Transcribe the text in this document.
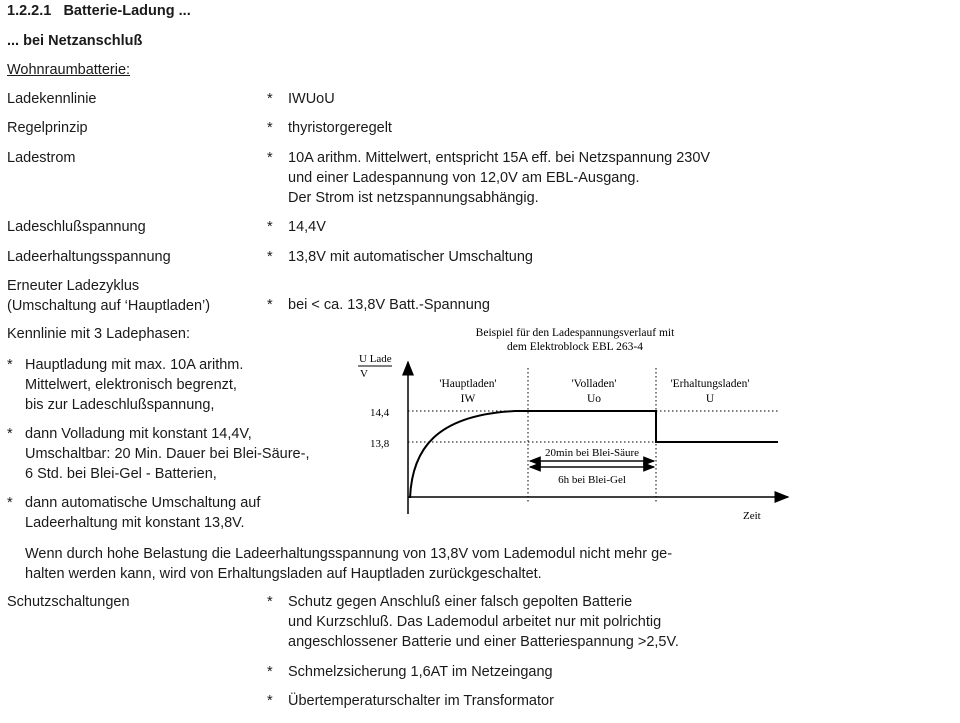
1.2.2.1 Batterie-Ladung ...
... bei Netzanschluß
Wohnraumbatterie:
Ladekennlinie	* IWUoU
Regelprinzip	* thyristorgeregelt
Ladestrom	* 10A arithm. Mittelwert, entspricht 15A eff. bei Netzspannung 230V
und einer Ladespannung von 12,0V am EBL-Ausgang.
Der Strom ist netzspannungsabhängig.
Ladeschlußspannung	* 14,4V
Ladeerhaltungsspannung	* 13,8V mit automatischer Umschaltung
Erneuter Ladezyklus
(Umschaltung auf ‘Hauptladen’)	* bei < ca. 13,8V Batt.-Spannung
Kennlinie mit 3 Ladephasen:
* Hauptladung mit max. 10A arithm.
Mittelwert, elektronisch begrenzt,
bis zur Ladeschlußspannung,
* dann Volladung mit konstant 14,4V,
Umschaltbar: 20 Min. Dauer bei Blei-Säure-,
6 Std. bei Blei-Gel - Batterien,
* dann automatische Umschaltung auf
Ladeerhaltung mit konstant 13,8V.
Wenn durch hohe Belastung die Ladeerhaltungsspannung von 13,8V vom Lademodul nicht mehr ge-
halten werden kann, wird von Erhaltungsladen auf Hauptladen zurückgeschaltet.
Schutzschaltungen	* Schutz gegen Anschluß einer falsch gepolten Batterie
und Kurzschluß. Das Lademodul arbeitet nur mit polrichtig
angeschlossener Batterie und einer Batteriespannung >2,5V.
* Schmelzsicherung 1,6AT im Netzeingang
* Übertemperaturschalter im Transformator
Beispiel für den Ladespannungsverlauf mit
dem Elektroblock EBL 263-4
U Lade
V
Zeit
14,4
13,8
'Hauptladen'
IW
'Volladen'
Uo
'Erhaltungsladen'
U
20min bei Blei-Säure
6h bei Blei-Gel
